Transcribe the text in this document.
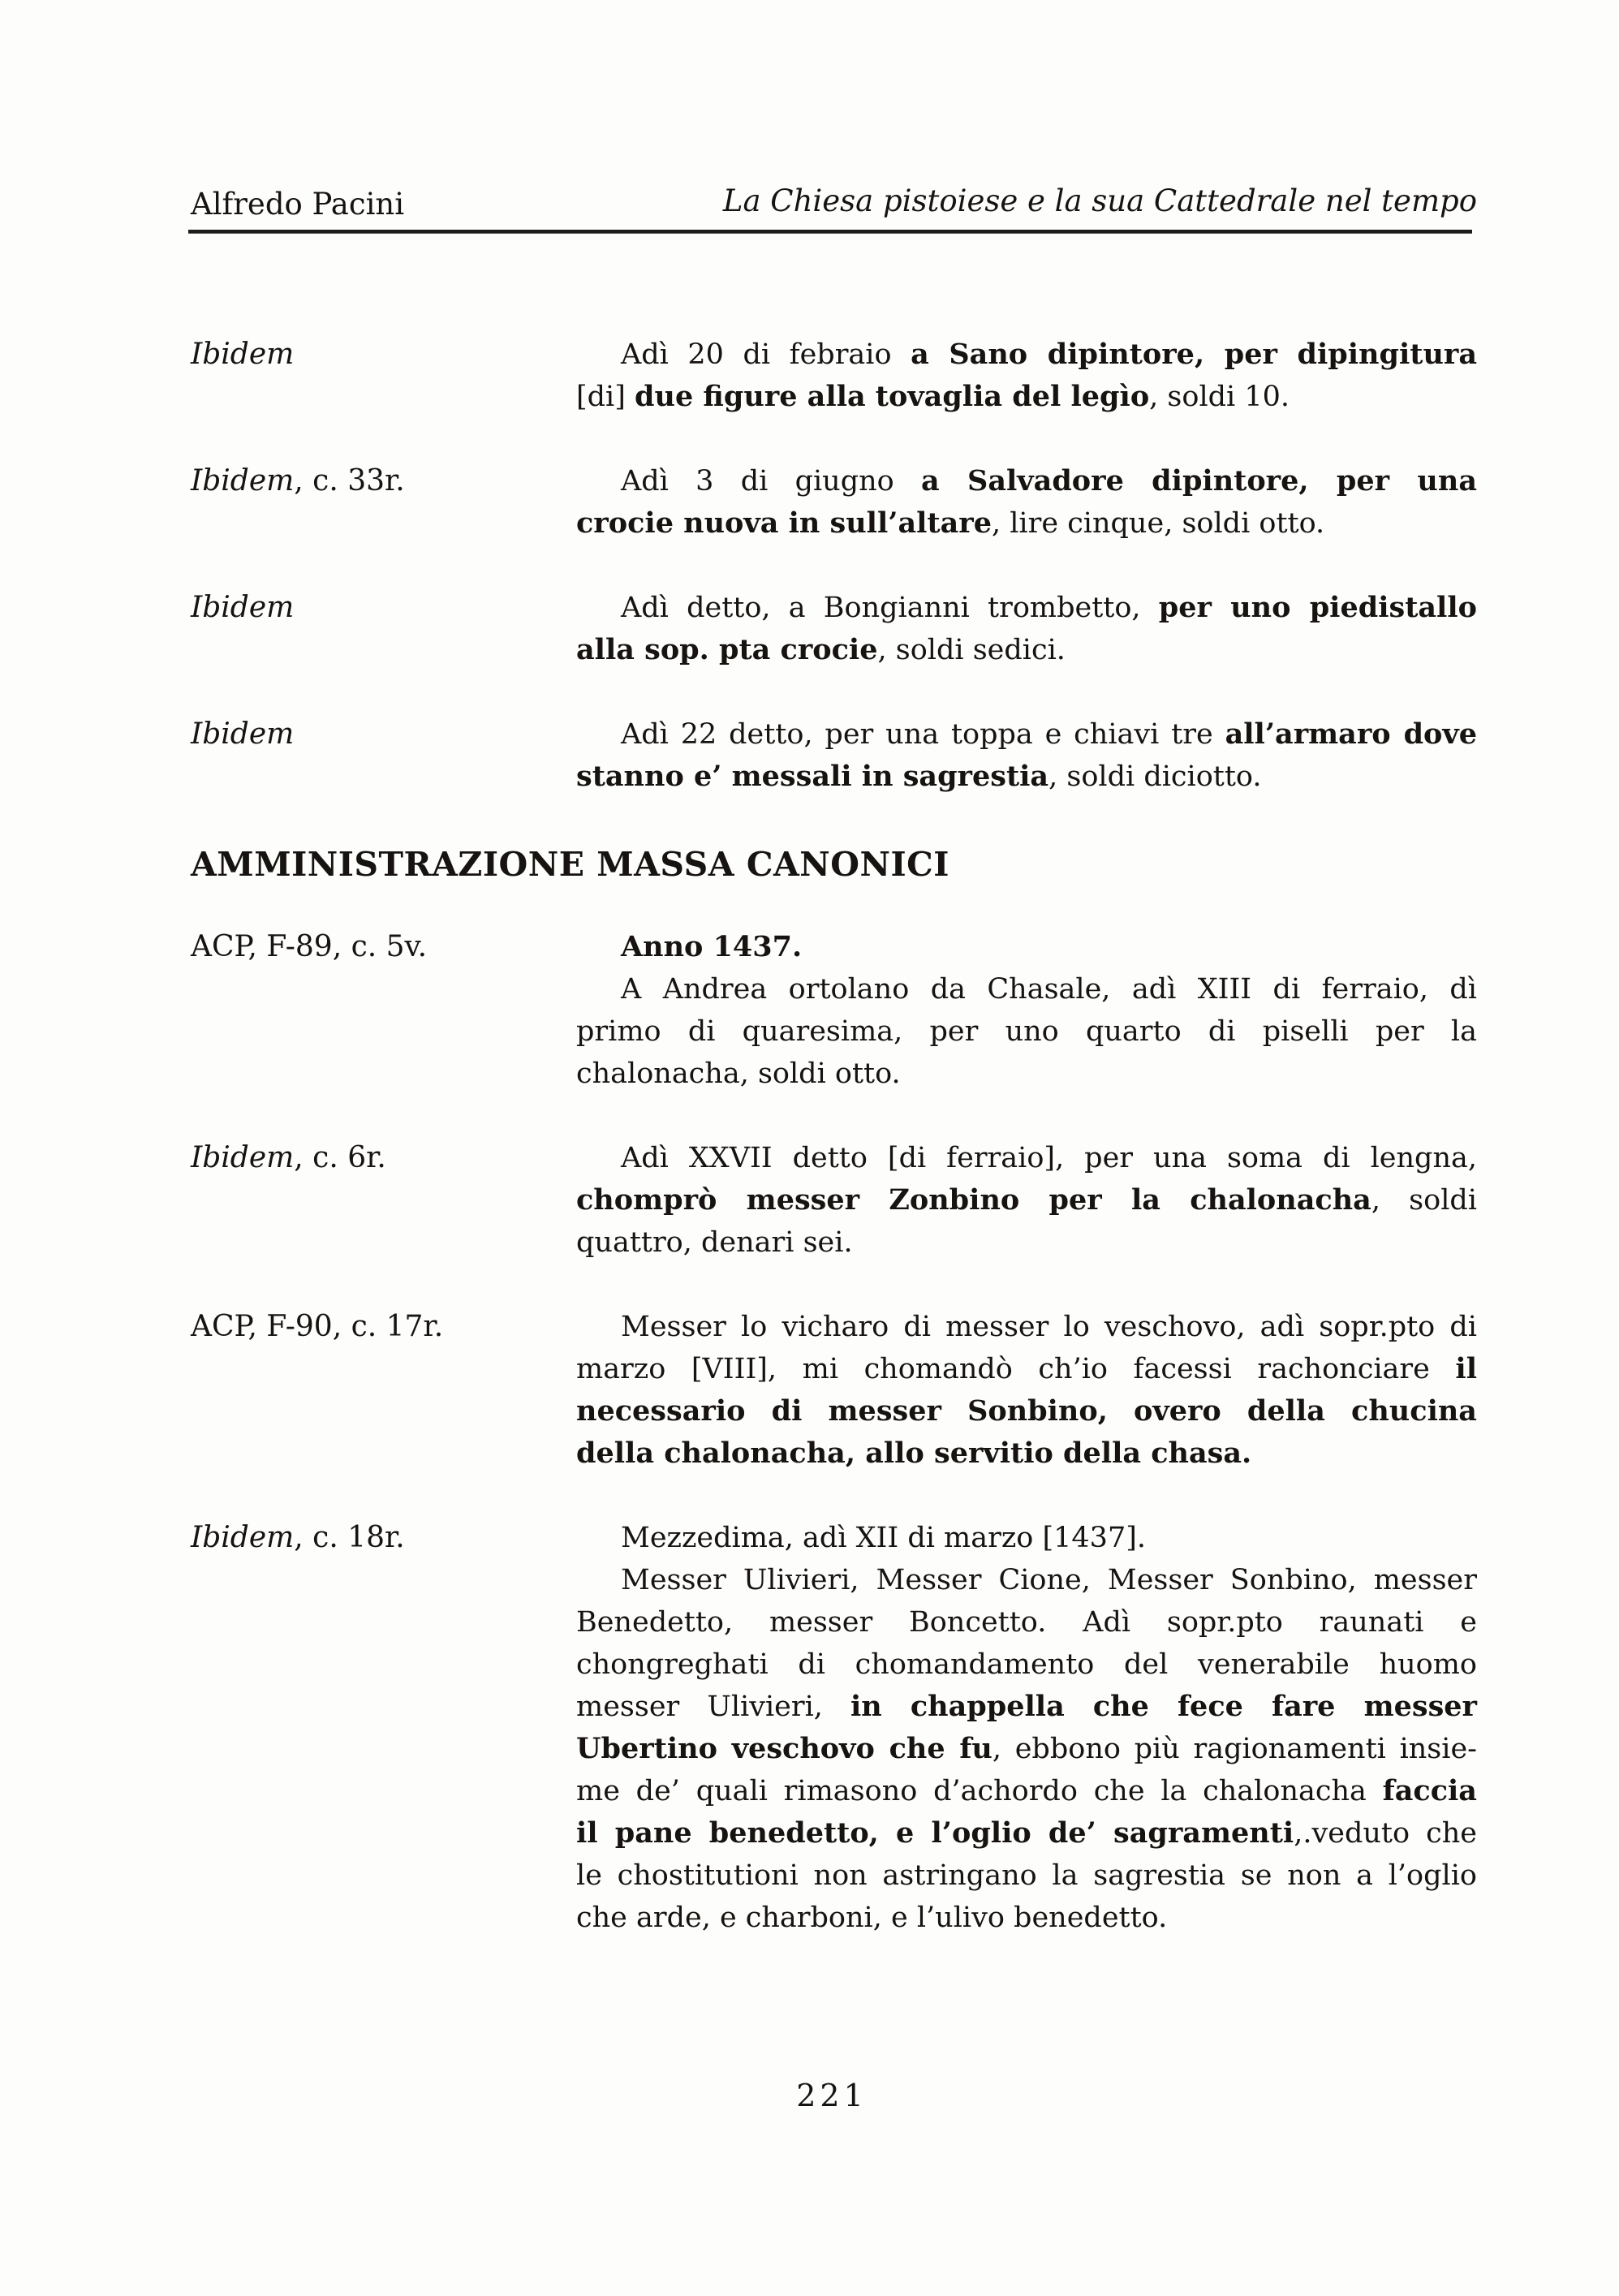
Alfredo Pacini	La Chiesa pistoiese e la sua Cattedrale nel tempo
Ibidem	Adì 20 di febraio a Sano dipintore, per dipingitura
[di] due figure alla tovaglia del legìo, soldi 10.
Ibidem, c. 33r.	Adì 3 di giugno a Salvadore dipintore, per una
crocie nuova in sull’altare, lire cinque, soldi otto.
Ibidem	Adì detto, a Bongianni trombetto, per uno piedistallo
alla sop. pta crocie, soldi sedici.
Ibidem	Adì 22 detto, per una toppa e chiavi tre all’armaro dove
stanno e’ messali in sagrestia, soldi diciotto.
AMMINISTRAZIONE MASSA CANONICI
ACP, F-89, c. 5v.	Anno 1437.
A Andrea ortolano da Chasale, adì XIII di ferraio, dì
primo di quaresima, per uno quarto di piselli per la
chalonacha, soldi otto.
Ibidem, c. 6r.	Adì XXVII detto [di ferraio], per una soma di lengna,
chomprò messer Zonbino per la chalonacha, soldi
quattro, denari sei.
ACP, F-90, c. 17r.	Messer lo vicharo di messer lo veschovo, adì sopr.pto di
marzo [VIII], mi chomandò ch’io facessi rachonciare il
necessario di messer Sonbino, overo della chucina
della chalonacha, allo servitio della chasa.
Ibidem, c. 18r.	Mezzedima, adì XII di marzo [1437].
Messer Ulivieri, Messer Cione, Messer Sonbino, messer
Benedetto, messer Boncetto. Adì sopr.pto raunati e
chongreghati di chomandamento del venerabile huomo
messer Ulivieri, in chappella che fece fare messer
Ubertino veschovo che fu, ebbono più ragionamenti insie-
me de’ quali rimasono d’achordo che la chalonacha faccia
il pane benedetto, e l’oglio de’ sagramenti,.veduto che
le chostitutioni non astringano la sagrestia se non a l’oglio
che arde, e charboni, e l’ulivo benedetto.
221
